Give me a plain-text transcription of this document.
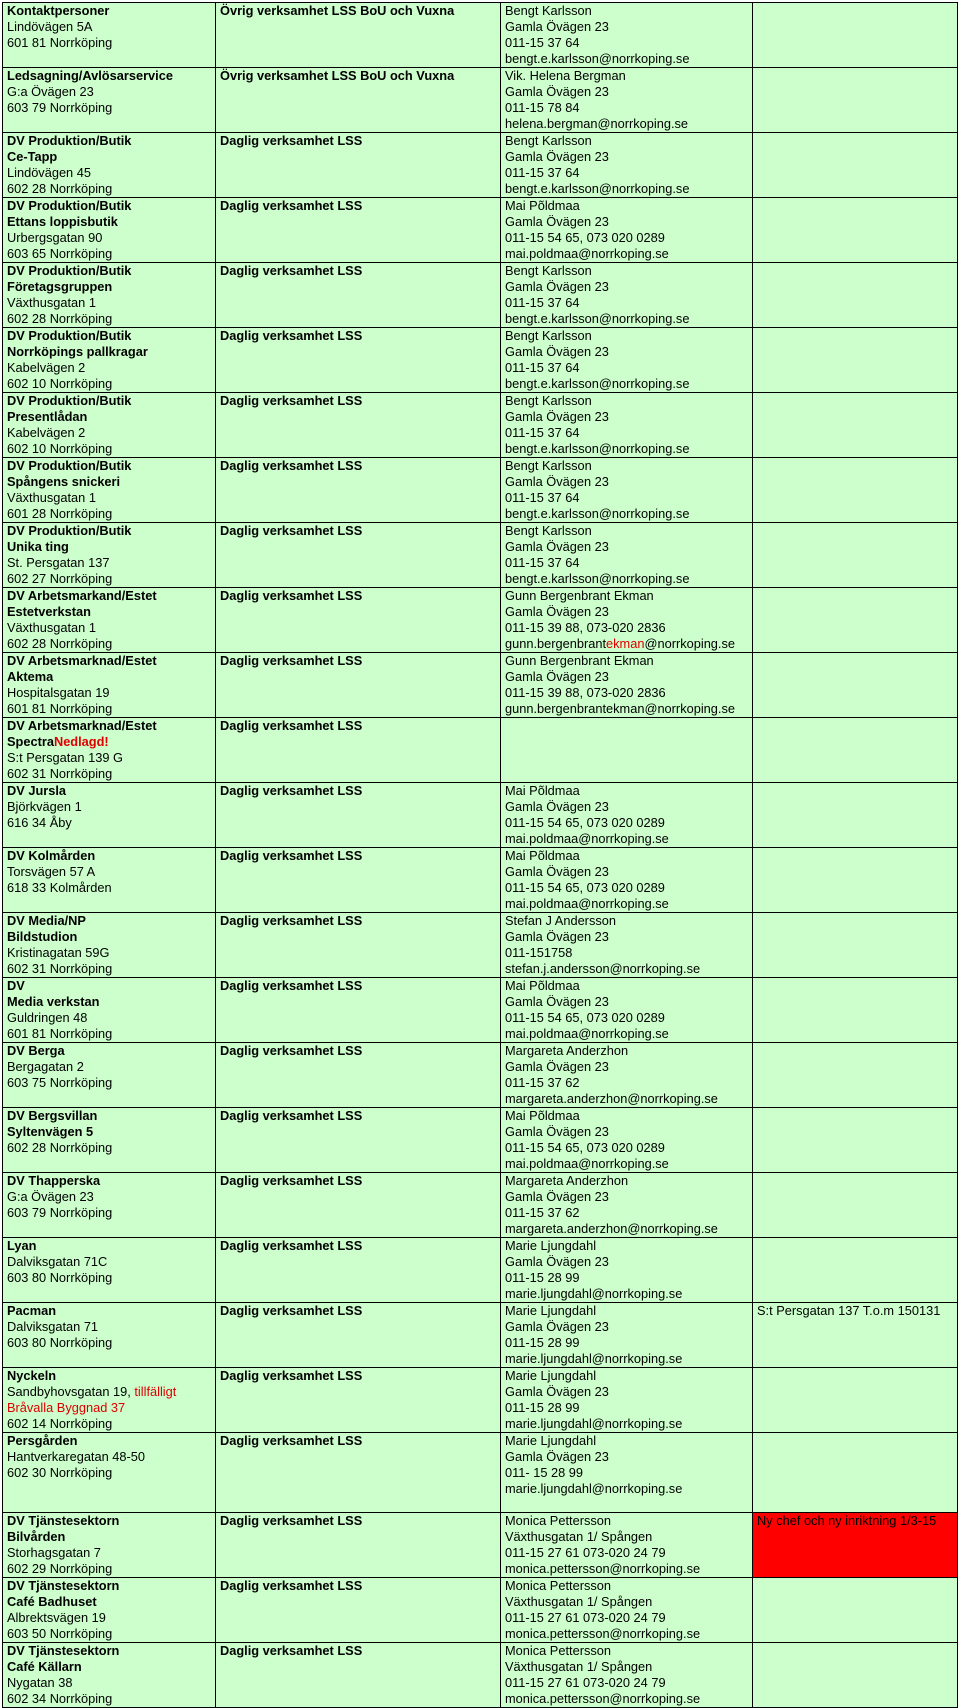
Kontaktpersoner
Lindövägen 5A
601 81 Norrköping	Övrig verksamhet LSS BoU och Vuxna	Bengt Karlsson
Gamla Övägen 23
011-15 37 64
bengt.e.karlsson@norrkoping.se	

Ledsagning/Avlösarservice
G:a Övägen 23
603 79 Norrköping	Övrig verksamhet LSS BoU och Vuxna	Vik. Helena Bergman
Gamla Övägen 23
011-15 78 84
helena.bergman@norrkoping.se	

DV Produktion/Butik
Ce-Tapp
Lindövägen 45
602 28 Norrköping	Daglig verksamhet LSS	Bengt Karlsson
Gamla Övägen 23
011-15 37 64
bengt.e.karlsson@norrkoping.se	

DV Produktion/Butik
Ettans loppisbutik
Urbergsgatan 90
603 65 Norrköping	Daglig verksamhet LSS	Mai Põldmaa
Gamla Övägen 23
011-15 54 65, 073 020 0289
mai.poldmaa@norrkoping.se	

DV Produktion/Butik
Företagsgruppen
Växthusgatan 1
602 28 Norrköping	Daglig verksamhet LSS	Bengt Karlsson
Gamla Övägen 23
011-15 37 64
bengt.e.karlsson@norrkoping.se	

DV Produktion/Butik
Norrköpings pallkragar
Kabelvägen 2
602 10 Norrköping	Daglig verksamhet LSS	Bengt Karlsson
Gamla Övägen 23
011-15 37 64
bengt.e.karlsson@norrkoping.se	

DV Produktion/Butik
Presentlådan
Kabelvägen 2
602 10 Norrköping	Daglig verksamhet LSS	Bengt Karlsson
Gamla Övägen 23
011-15 37 64
bengt.e.karlsson@norrkoping.se	

DV Produktion/Butik
Spångens snickeri
Växthusgatan 1
601 28 Norrköping	Daglig verksamhet LSS	Bengt Karlsson
Gamla Övägen 23
011-15 37 64
bengt.e.karlsson@norrkoping.se	

DV Produktion/Butik
Unika ting
St. Persgatan 137
602 27 Norrköping	Daglig verksamhet LSS	Bengt Karlsson
Gamla Övägen 23
011-15 37 64
bengt.e.karlsson@norrkoping.se	

DV Arbetsmarkand/Estet
Estetverkstan
Växthusgatan 1
602 28 Norrköping	Daglig verksamhet LSS	Gunn Bergenbrant Ekman
Gamla Övägen 23
011-15 39 88, 073-020 2836
gunn.bergenbrantekman@norrkoping.se	

DV Arbetsmarknad/Estet
Aktema
Hospitalsgatan 19
601 81 Norrköping	Daglig verksamhet LSS	Gunn Bergenbrant Ekman
Gamla Övägen 23
011-15 39 88, 073-020 2836
gunn.bergenbrantekman@norrkoping.se	

DV Arbetsmarknad/Estet
SpectraNedlagd!
S:t Persgatan 139 G
602 31 Norrköping	Daglig verksamhet LSS		

DV Jursla
Björkvägen 1
616 34 Åby	Daglig verksamhet LSS	Mai Põldmaa
Gamla Övägen 23
011-15 54 65, 073 020 0289
mai.poldmaa@norrkoping.se	

DV Kolmården
Torsvägen 57 A
618 33 Kolmården	Daglig verksamhet LSS	Mai Põldmaa
Gamla Övägen 23
011-15 54 65, 073 020 0289
mai.poldmaa@norrkoping.se	

DV Media/NP
Bildstudion
Kristinagatan 59G
602 31 Norrköping	Daglig verksamhet LSS	Stefan J Andersson
Gamla Övägen 23
011-151758
stefan.j.andersson@norrkoping.se	

DV
Media verkstan
Guldringen 48
601 81 Norrköping	Daglig verksamhet LSS	Mai Põldmaa
Gamla Övägen 23
011-15 54 65, 073 020 0289
mai.poldmaa@norrkoping.se	

DV Berga
Bergagatan 2
603 75 Norrköping	Daglig verksamhet LSS	Margareta Anderzhon
Gamla Övägen 23
011-15 37 62
margareta.anderzhon@norrkoping.se	

DV Bergsvillan
Syltenvägen 5
602 28 Norrköping	Daglig verksamhet LSS	Mai Põldmaa
Gamla Övägen 23
011-15 54 65, 073 020 0289
mai.poldmaa@norrkoping.se	

DV Thapperska
G:a Övägen 23
603 79 Norrköping	Daglig verksamhet LSS	Margareta Anderzhon
Gamla Övägen 23
011-15 37 62
margareta.anderzhon@norrkoping.se	

Lyan
Dalviksgatan 71C
603 80 Norrköping	Daglig verksamhet LSS	Marie Ljungdahl
Gamla Övägen 23
011-15 28 99
marie.ljungdahl@norrkoping.se	

Pacman
Dalviksgatan 71
603 80 Norrköping	Daglig verksamhet LSS	Marie Ljungdahl
Gamla Övägen 23
011-15 28 99
marie.ljungdahl@norrkoping.se	S:t Persgatan 137 T.o.m 150131

Nyckeln
Sandbyhovsgatan 19, tillfälligt
Bråvalla Byggnad 37
602 14 Norrköping	Daglig verksamhet LSS	Marie Ljungdahl
Gamla Övägen 23
011-15 28 99
marie.ljungdahl@norrkoping.se	

Persgården
Hantverkaregatan 48-50
602 30 Norrköping	Daglig verksamhet LSS	Marie Ljungdahl
Gamla Övägen 23
011- 15 28 99
marie.ljungdahl@norrkoping.se	

DV Tjänstesektorn
Bilvården
Storhagsgatan 7
602 29 Norrköping	Daglig verksamhet LSS	Monica Pettersson
Växthusgatan 1/ Spången
011-15 27 61 073-020 24 79
monica.pettersson@norrkoping.se	Ny chef och ny inriktning 1/3-15

DV Tjänstesektorn
Café Badhuset
Albrektsvägen 19
603 50 Norrköping	Daglig verksamhet LSS	Monica Pettersson
Växthusgatan 1/ Spången
011-15 27 61 073-020 24 79
monica.pettersson@norrkoping.se	

DV Tjänstesektorn
Café Källarn
Nygatan 38
602 34 Norrköping	Daglig verksamhet LSS	Monica Pettersson
Växthusgatan 1/ Spången
011-15 27 61 073-020 24 79
monica.pettersson@norrkoping.se	
